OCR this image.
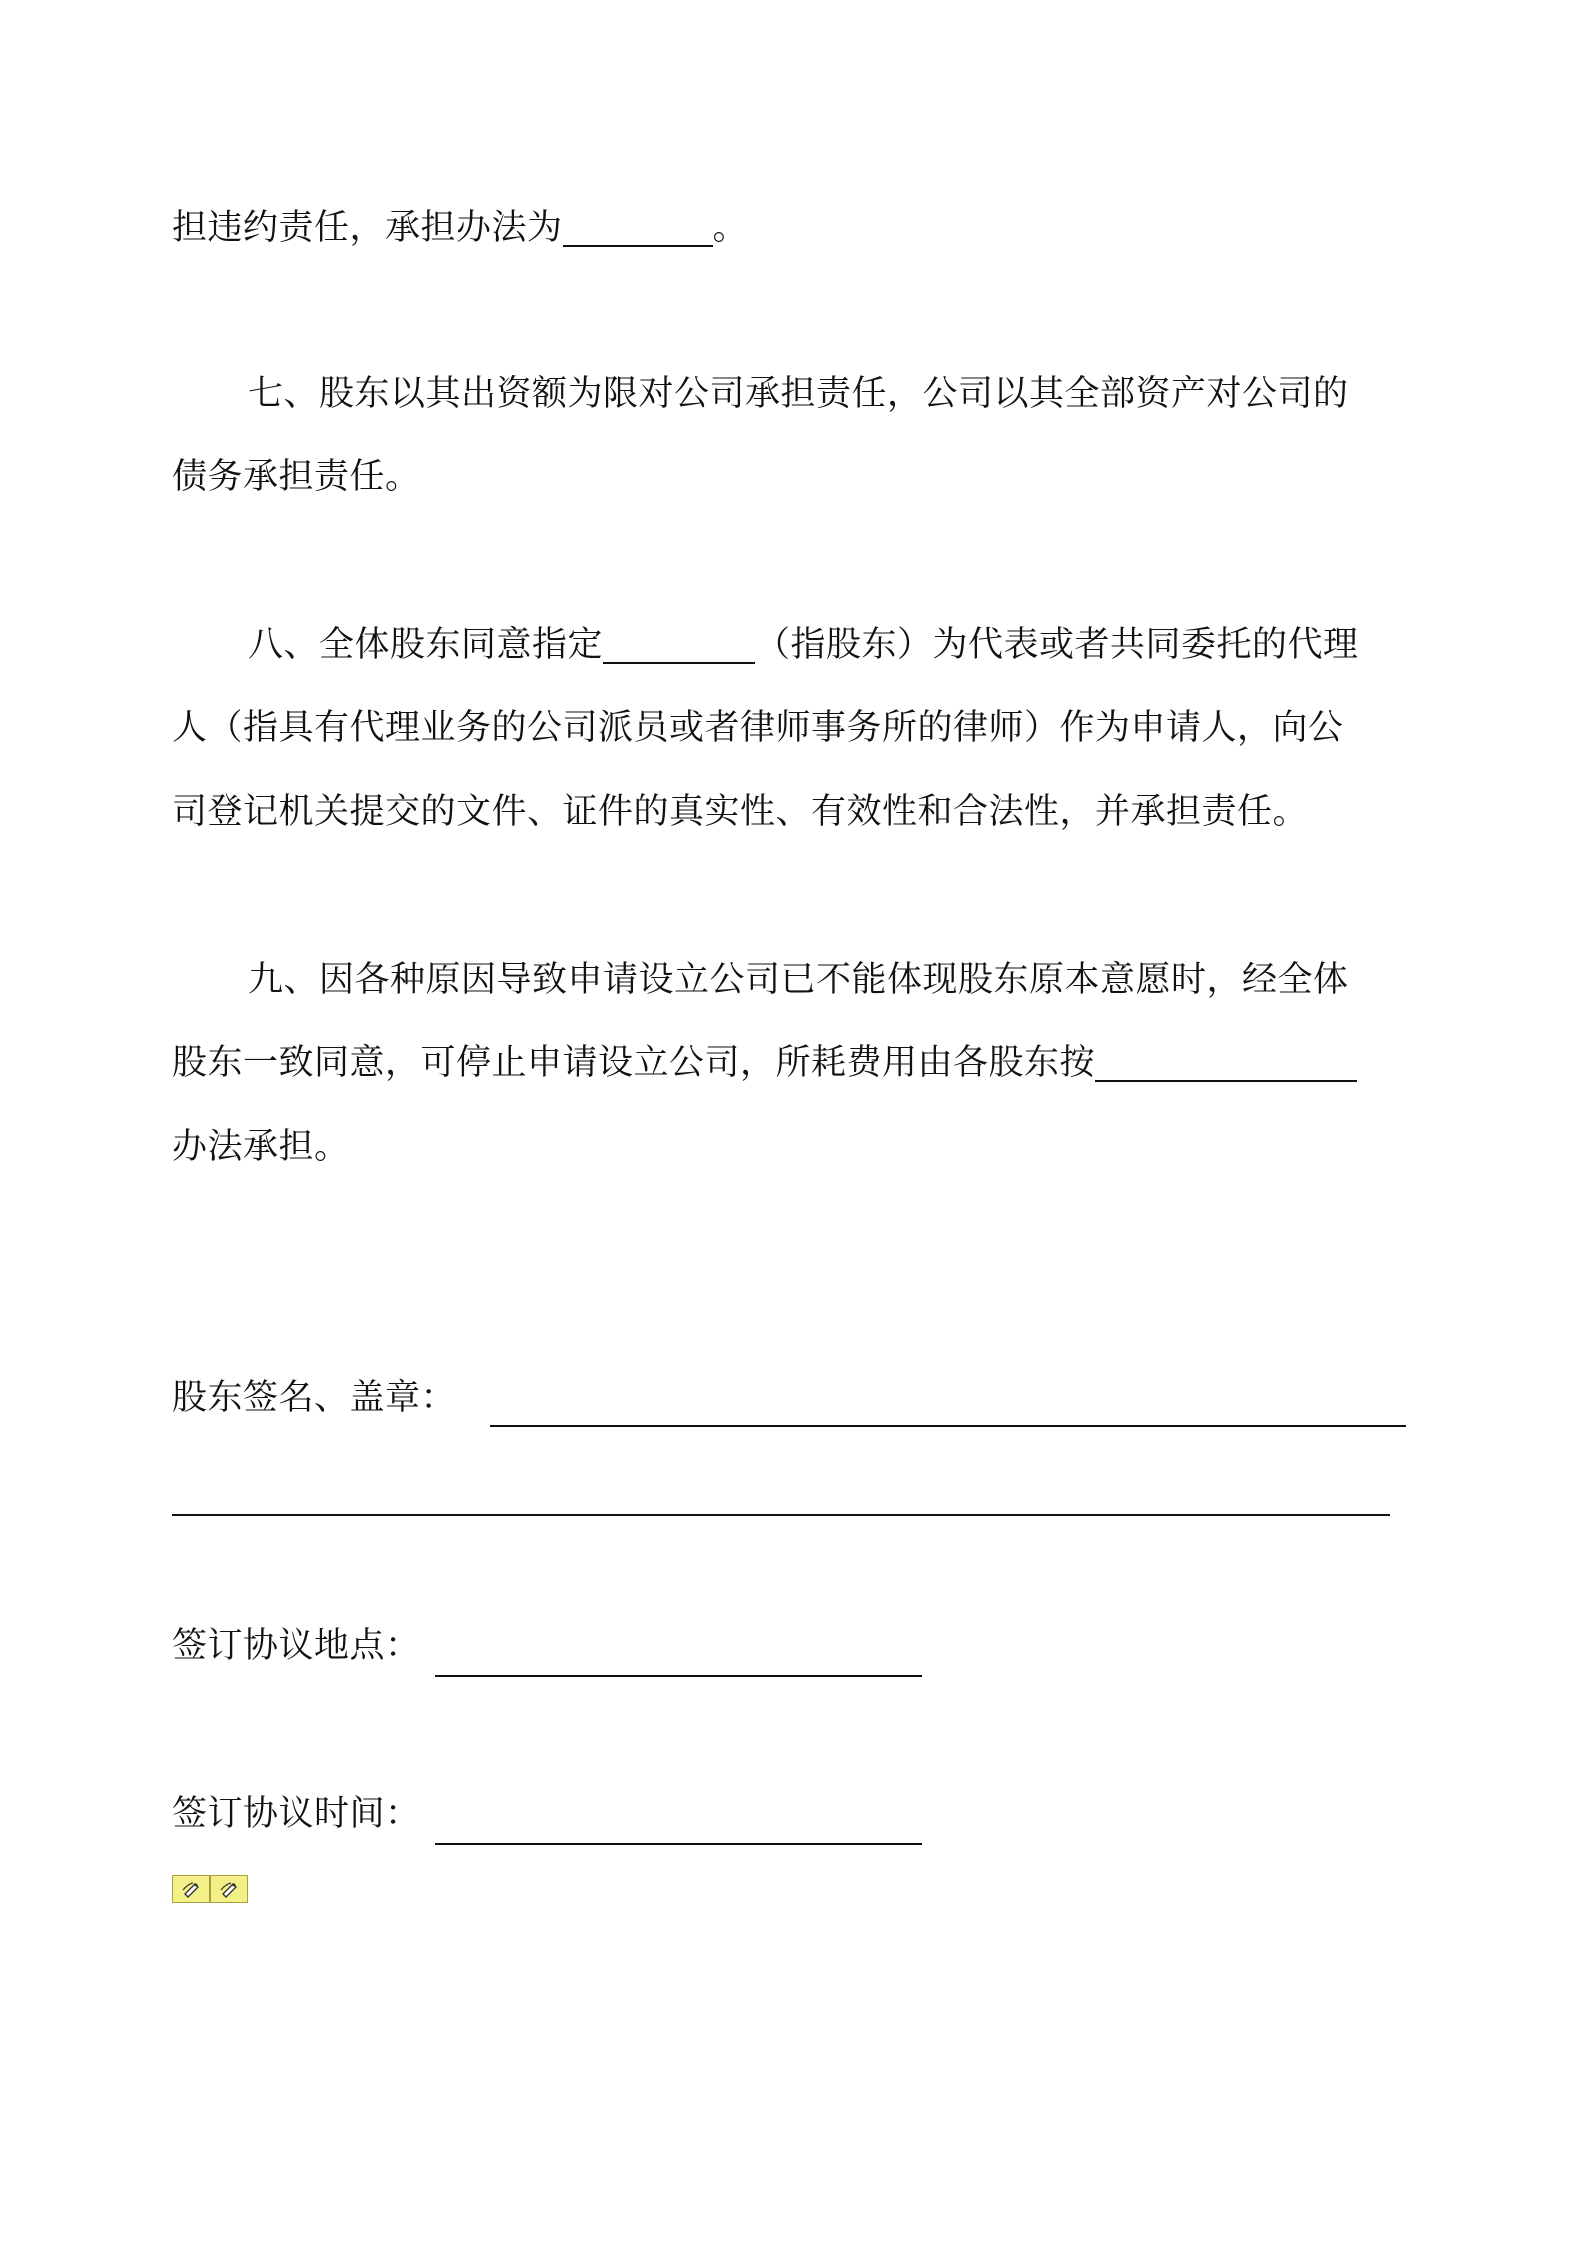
担违约责任，承担办法为	。
七、股东以其出资额为限对公司承担责任，公司以其全部资产对公司的
债务承担责任。
八、全体股东同意指定	（指股东）为代表或者共同委托的代理
人（指具有代理业务的公司派员或者律师事务所的律师）作为申请人，向公
司登记机关提交的文件、证件的真实性、有效性和合法性，并承担责任。
九、因各种原因导致申请设立公司已不能体现股东原本意愿时，经全体
股东一致同意，可停止申请设立公司，所耗费用由各股东按
办法承担。
股东签名、盖章：
签订协议地点：
签订协议时间：
